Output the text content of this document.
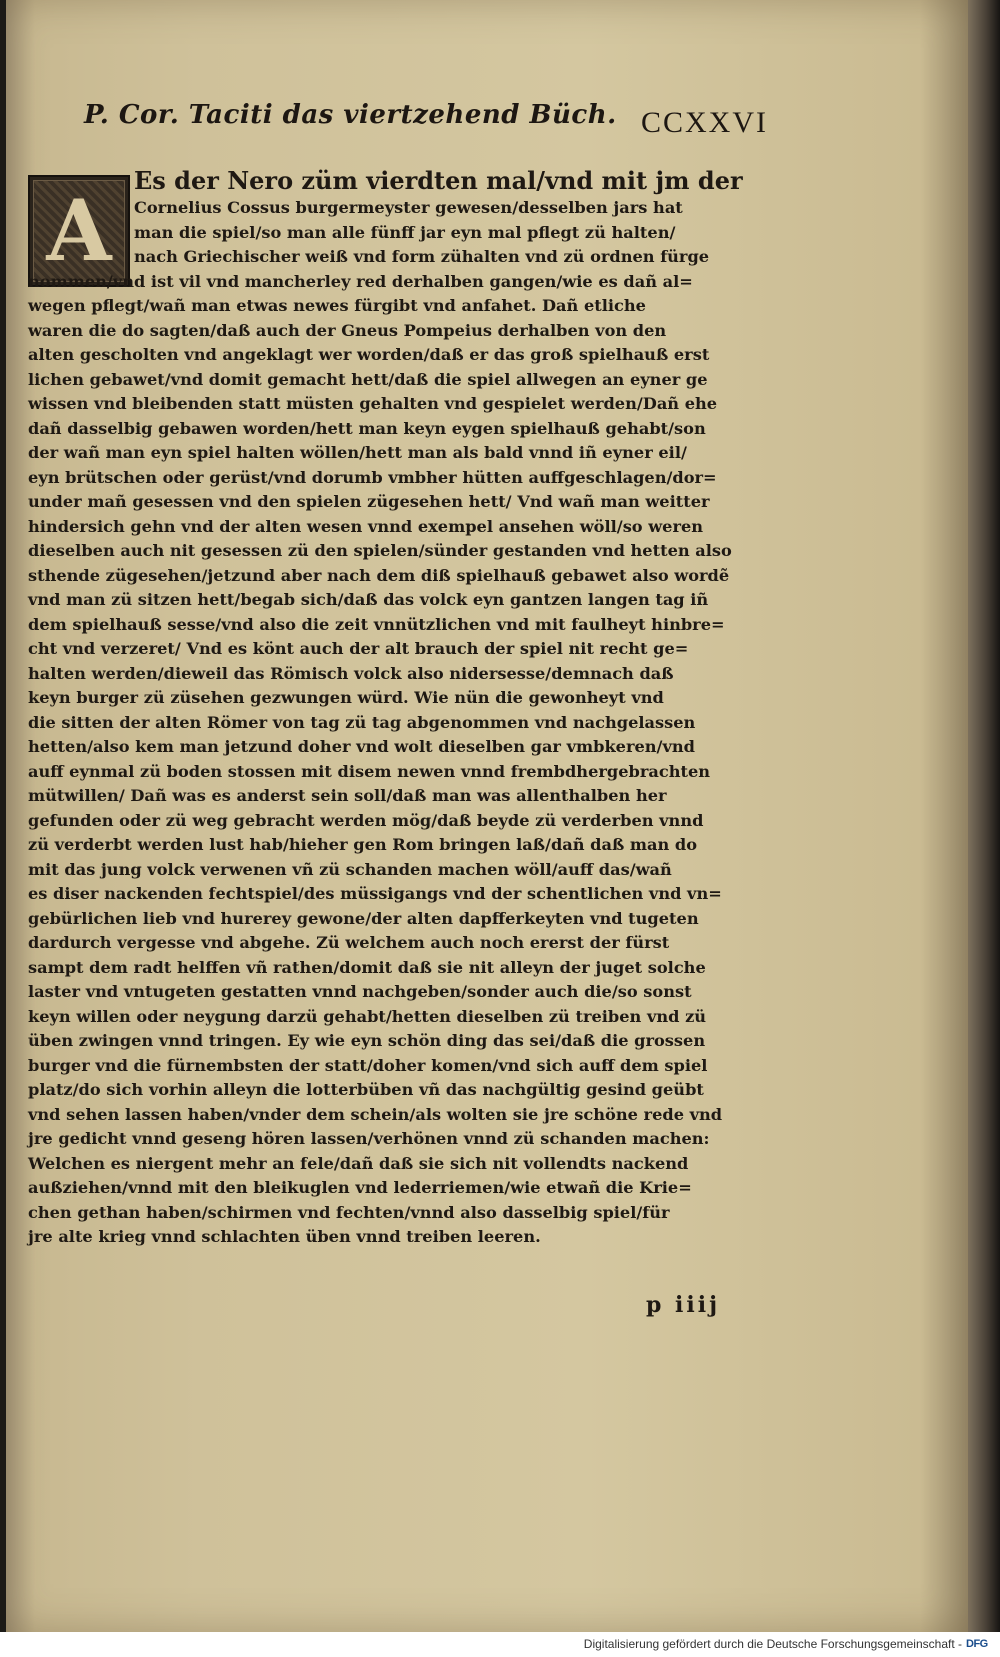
P. Cor. Taciti das viertzehend Büch. CCXXVI
A
Es der Nero züm vierdten mal/vnd mit jm der
Cornelius Cossus burgermeyster gewesen/desselben jars hat
man die spiel/so man alle fünff jar eyn mal pflegt zü halten/
nach Griechischer weiß vnd form zühalten vnd zü ordnen fürge
nommen/vnd ist vil vnd mancherley red derhalben gangen/wie es dañ al=
wegen pflegt/wañ man etwas newes fürgibt vnd anfahet. Dañ etliche
waren die do sagten/daß auch der Gneus Pompeius derhalben von den
alten gescholten vnd angeklagt wer worden/daß er das groß spielhauß erst
lichen gebawet/vnd domit gemacht hett/daß die spiel allwegen an eyner ge
wissen vnd bleibenden statt müsten gehalten vnd gespielet werden/Dañ ehe
dañ dasselbig gebawen worden/hett man keyn eygen spielhauß gehabt/son
der wañ man eyn spiel halten wöllen/hett man als bald vnnd iñ eyner eil/
eyn brütschen oder gerüst/vnd dorumb vmbher hütten auffgeschlagen/dor=
under mañ gesessen vnd den spielen zügesehen hett/ Vnd wañ man weitter
hindersich gehn vnd der alten wesen vnnd exempel ansehen wöll/so weren
dieselben auch nit gesessen zü den spielen/sünder gestanden vnd hetten also
sthende zügesehen/jetzund aber nach dem diß spielhauß gebawet also wordẽ
vnd man zü sitzen hett/begab sich/daß das volck eyn gantzen langen tag iñ
dem spielhauß sesse/vnd also die zeit vnnützlichen vnd mit faulheyt hinbre=
cht vnd verzeret/ Vnd es könt auch der alt brauch der spiel nit recht ge=
halten werden/dieweil das Römisch volck also nidersesse/demnach daß
keyn burger zü züsehen gezwungen würd. Wie nün die gewonheyt vnd
die sitten der alten Römer von tag zü tag abgenommen vnd nachgelassen
hetten/also kem man jetzund doher vnd wolt dieselben gar vmbkeren/vnd
auff eynmal zü boden stossen mit disem newen vnnd frembdhergebrachten
mütwillen/ Dañ was es anderst sein soll/daß man was allenthalben her
gefunden oder zü weg gebracht werden mög/daß beyde zü verderben vnnd
zü verderbt werden lust hab/hieher gen Rom bringen laß/dañ daß man do
mit das jung volck verwenen vñ zü schanden machen wöll/auff das/wañ
es diser nackenden fechtspiel/des müssigangs vnd der schentlichen vnd vn=
gebürlichen lieb vnd hurerey gewone/der alten dapfferkeyten vnd tugeten
dardurch vergesse vnd abgehe. Zü welchem auch noch ererst der fürst
sampt dem radt helffen vñ rathen/domit daß sie nit alleyn der juget solche
laster vnd vntugeten gestatten vnnd nachgeben/sonder auch die/so sonst
keyn willen oder neygung darzü gehabt/hetten dieselben zü treiben vnd zü
üben zwingen vnnd tringen. Ey wie eyn schön ding das sei/daß die grossen
burger vnd die fürnembsten der statt/doher komen/vnd sich auff dem spiel
platz/do sich vorhin alleyn die lotterbüben vñ das nachgültig gesind geübt
vnd sehen lassen haben/vnder dem schein/als wolten sie jre schöne rede vnd
jre gedicht vnnd geseng hören lassen/verhönen vnnd zü schanden machen:
Welchen es niergent mehr an fele/dañ daß sie sich nit vollendts nackend
außziehen/vnnd mit den bleikuglen vnd lederriemen/wie etwañ die Krie=
chen gethan haben/schirmen vnd fechten/vnnd also dasselbig spiel/für
jre alte krieg vnnd schlachten üben vnnd treiben leeren.
p iiij
Digitalisierung gefördert durch die Deutsche Forschungsgemeinschaft - DFG
